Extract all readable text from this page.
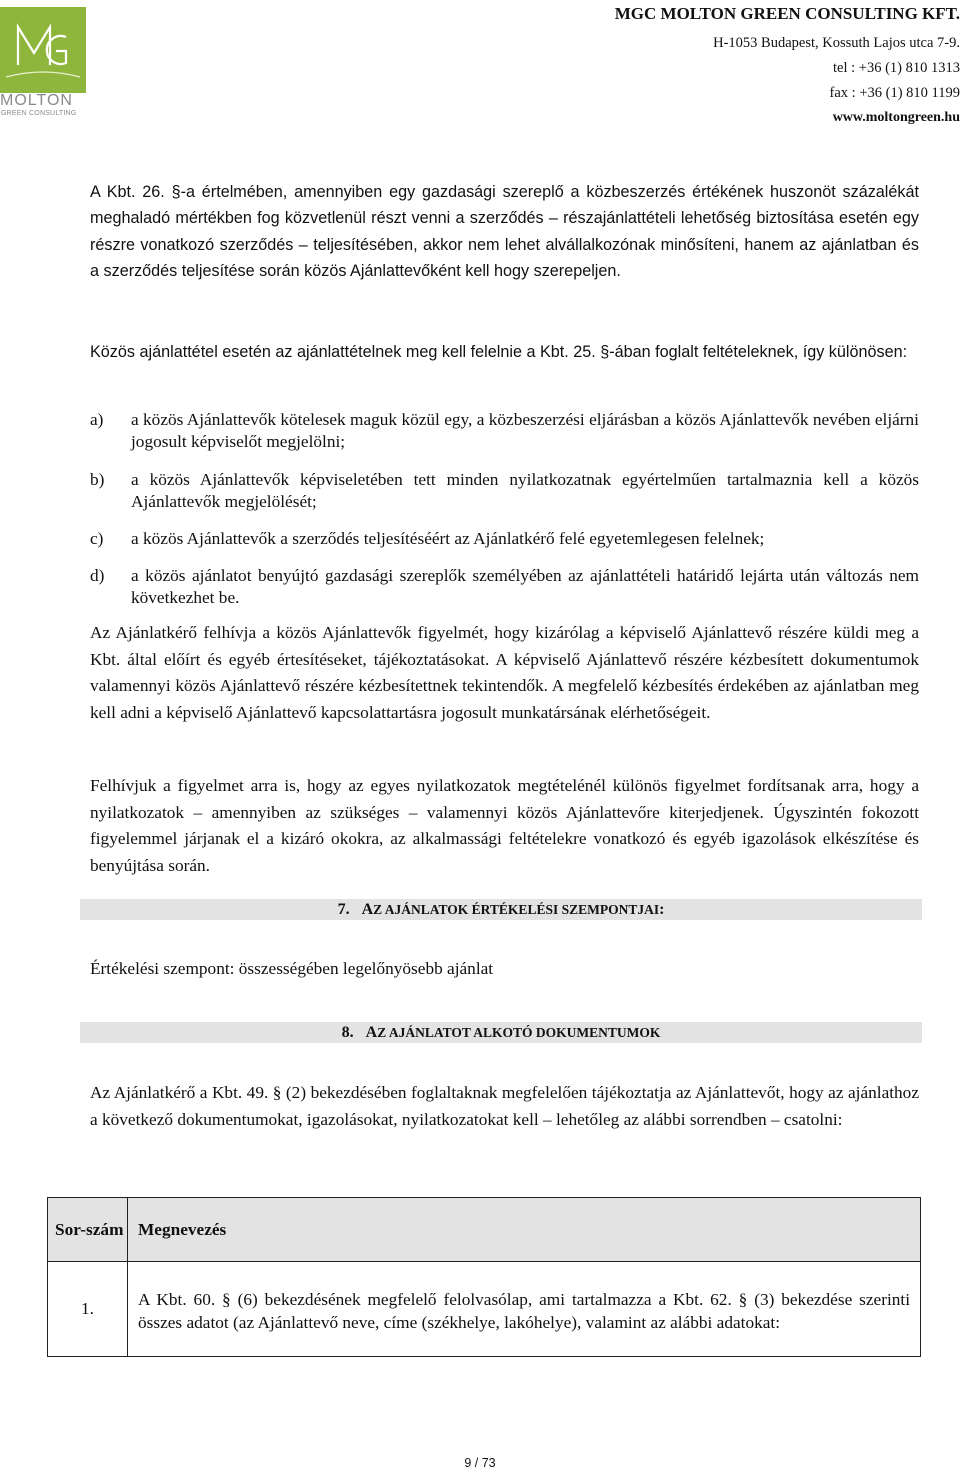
MOLTON
GREEN CONSULTING
MGC MOLTON GREEN CONSULTING KFT.
H-1053 Budapest, Kossuth Lajos utca 7-9.
tel : +36 (1) 810 1313
fax : +36 (1) 810 1199
www.moltongreen.hu
A Kbt. 26. §-a értelmében, amennyiben egy gazdasági szereplő a közbeszerzés értékének huszonöt százalékát meghaladó mértékben fog közvetlenül részt venni a szerződés – részajánlattételi lehetőség biztosítása esetén egy részre vonatkozó szerződés – teljesítésében, akkor nem lehet alvállalkozónak minősíteni, hanem az ajánlatban és a szerződés teljesítése során közös Ajánlattevőként kell hogy szerepeljen.
Közös ajánlattétel esetén az ajánlattételnek meg kell felelnie a Kbt. 25. §-ában foglalt feltételeknek, így különösen:
a) a közös Ajánlattevők kötelesek maguk közül egy, a közbeszerzési eljárásban a közös Ajánlattevők nevében eljárni jogosult képviselőt megjelölni;
b) a közös Ajánlattevők képviseletében tett minden nyilatkozatnak egyértelműen tartalmaznia kell a közös Ajánlattevők megjelölését;
c) a közös Ajánlattevők a szerződés teljesítéséért az Ajánlatkérő felé egyetemlegesen felelnek;
d) a közös ajánlatot benyújtó gazdasági szereplők személyében az ajánlattételi határidő lejárta után változás nem következhet be.
Az Ajánlatkérő felhívja a közös Ajánlattevők figyelmét, hogy kizárólag a képviselő Ajánlattevő részére küldi meg a Kbt. által előírt és egyéb értesítéseket, tájékoztatásokat. A képviselő Ajánlattevő részére kézbesített dokumentumok valamennyi közös Ajánlattevő részére kézbesítettnek tekintendők. A megfelelő kézbesítés érdekében az ajánlatban meg kell adni a képviselő Ajánlattevő kapcsolattartásra jogosult munkatársának elérhetőségeit.
Felhívjuk a figyelmet arra is, hogy az egyes nyilatkozatok megtételénél különös figyelmet fordítsanak arra, hogy a nyilatkozatok – amennyiben az szükséges – valamennyi közös Ajánlattevőre kiterjedjenek. Úgyszintén fokozott figyelemmel járjanak el a kizáró okokra, az alkalmassági feltételekre vonatkozó és egyéb igazolások elkészítése és benyújtása során.
7. AZ AJÁNLATOK ÉRTÉKELÉSI SZEMPONTJAI:
Értékelési szempont: összességében legelőnyösebb ajánlat
8. AZ AJÁNLATOT ALKOTÓ DOKUMENTUMOK
Az Ajánlatkérő a Kbt. 49. § (2) bekezdésében foglaltaknak megfelelően tájékoztatja az Ajánlattevőt, hogy az ajánlathoz a következő dokumentumokat, igazolásokat, nyilatkozatokat kell – lehetőleg az alábbi sorrendben – csatolni:
Sor-szám	Megnevezés
1.	A Kbt. 60. § (6) bekezdésének megfelelő felolvasólap, ami tartalmazza a Kbt. 62. § (3) bekezdése szerinti összes adatot (az Ajánlattevő neve, címe (székhelye, lakóhelye), valamint az alábbi adatokat:
9 / 73
